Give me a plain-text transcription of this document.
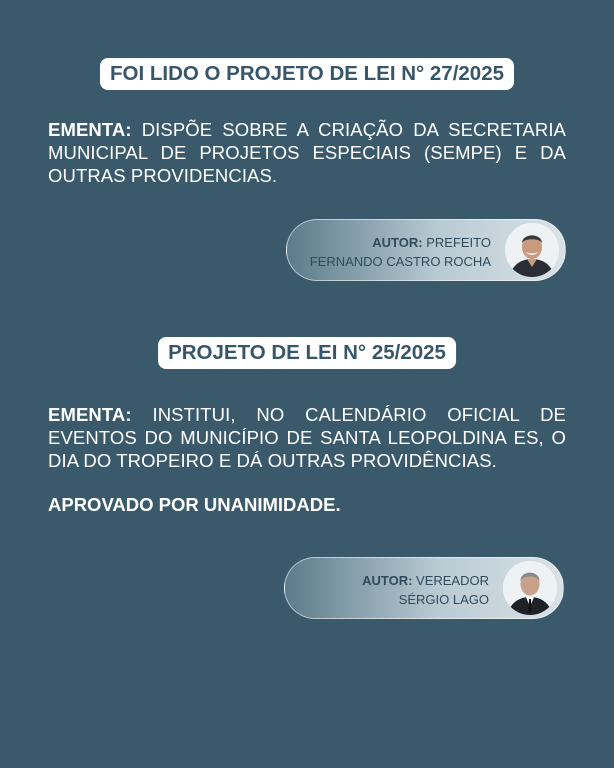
FOI LIDO O PROJETO DE LEI N° 27/2025
EMENTA: DISPÕE SOBRE A CRIAÇÃO DA SECRETARIA MUNICIPAL DE PROJETOS ESPECIAIS (SEMPE) E DA OUTRAS PROVIDENCIAS.
AUTOR: PREFEITO
FERNANDO CASTRO ROCHA
PROJETO DE LEI N° 25/2025
EMENTA: INSTITUI, NO CALENDÁRIO OFICIAL DE EVENTOS DO MUNICÍPIO DE SANTA LEOPOLDINA ES, O DIA DO TROPEIRO E DÁ OUTRAS PROVIDÊNCIAS.
APROVADO POR UNANIMIDADE.
AUTOR: VEREADOR
SÉRGIO LAGO
